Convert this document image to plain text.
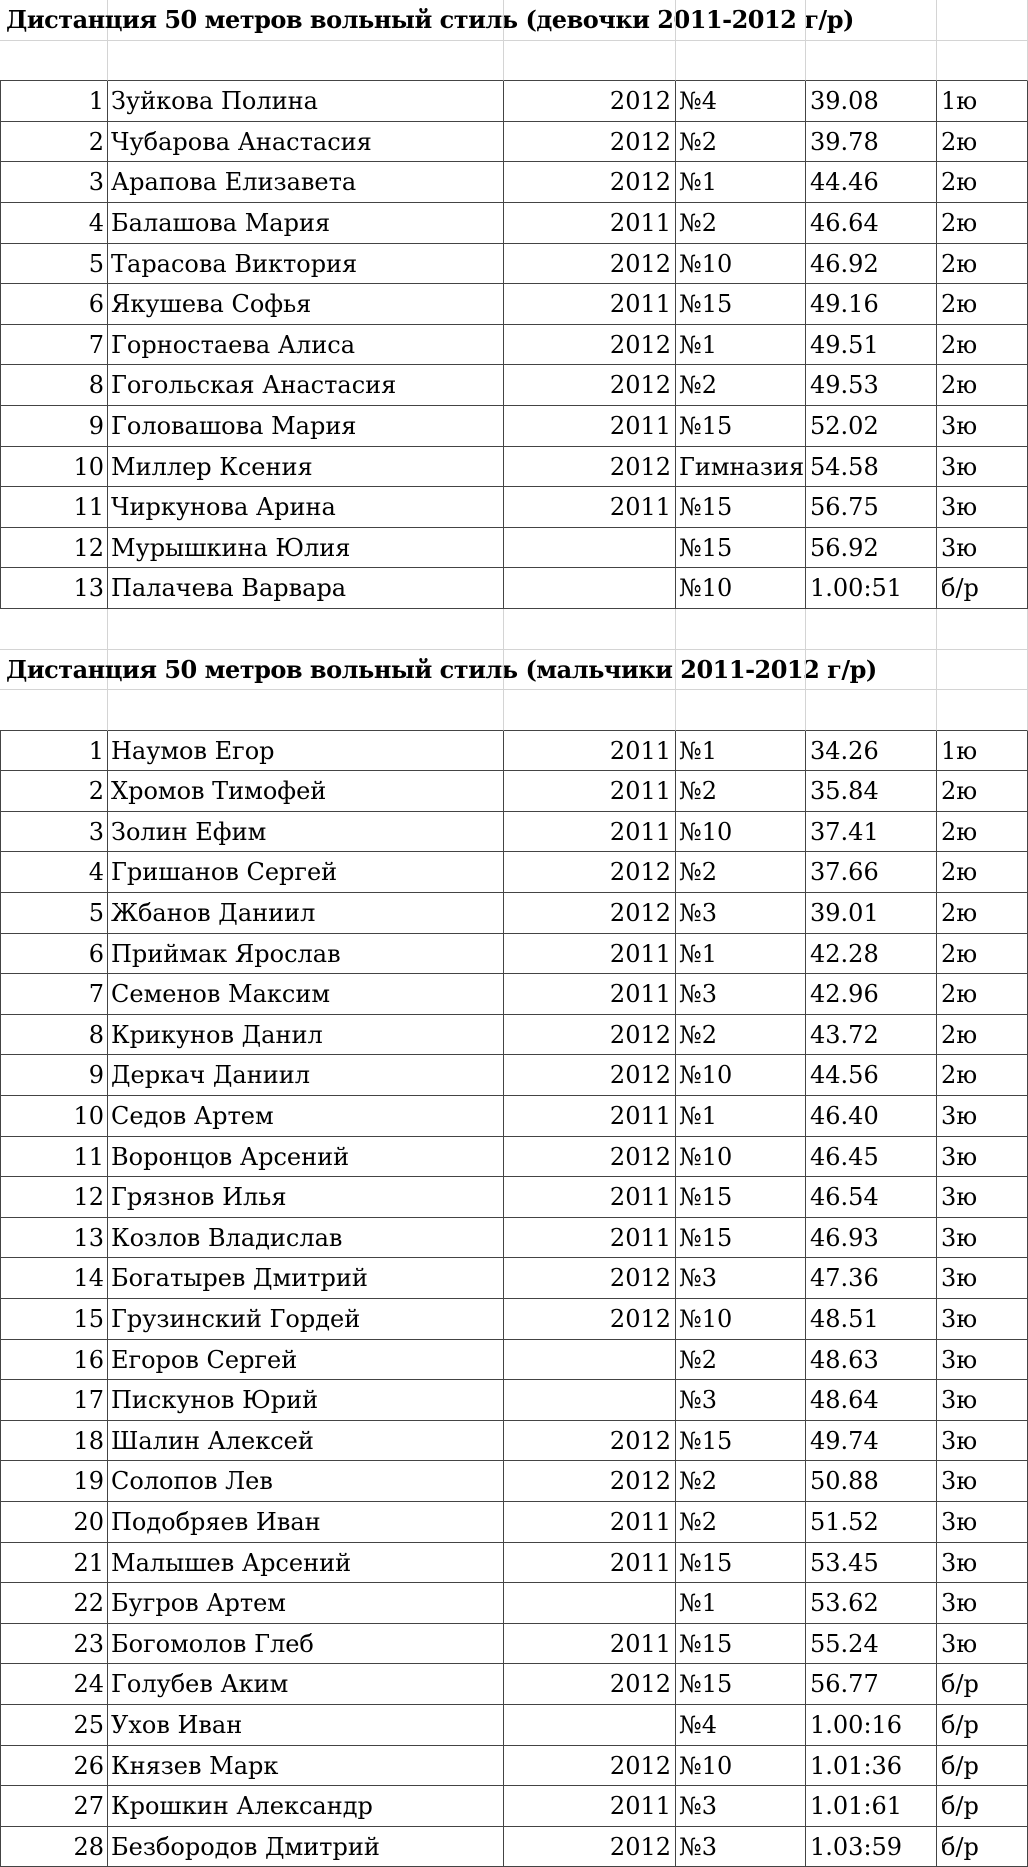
Дистанция 50 метров вольный стиль (девочки 2011-2012 г/р)
1 Зуйкова Полина	2012 №4	39.08	1ю
2 Чубарова Анастасия	2012 №2	39.78	2ю
3 Арапова Елизавета	2012 №1	44.46	2ю
4 Балашова Мария	2011 №2	46.64	2ю
5 Тарасова Виктория	2012 №10	46.92	2ю
6 Якушева Софья	2011 №15	49.16	2ю
7 Горностаева Алиса	2012 №1	49.51	2ю
8 Гогольская Анастасия	2012 №2	49.53	2ю
9 Головашова Мария	2011 №15	52.02	3ю
10 Миллер Ксения	2012 Гимназия 54.58	3ю
11 Чиркунова Арина	2011 №15	56.75	3ю
12 Мурышкина Юлия	№15	56.92	3ю
13 Палачева Варвара	№10	1.00:51	б/р
Дистанция 50 метров вольный стиль (мальчики 2011-2012 г/р)
1 Наумов Егор	2011 №1	34.26	1ю
2 Хромов Тимофей	2011 №2	35.84	2ю
3 Золин Ефим	2011 №10	37.41	2ю
4 Гришанов Сергей	2012 №2	37.66	2ю
5 Жбанов Даниил	2012 №3	39.01	2ю
6 Приймак Ярослав	2011 №1	42.28	2ю
7 Семенов Максим	2011 №3	42.96	2ю
8 Крикунов Данил	2012 №2	43.72	2ю
9 Деркач Даниил	2012 №10	44.56	2ю
10 Седов Артем	2011 №1	46.40	3ю
11 Воронцов Арсений	2012 №10	46.45	3ю
12 Грязнов Илья	2011 №15	46.54	3ю
13 Козлов Владислав	2011 №15	46.93	3ю
14 Богатырев Дмитрий	2012 №3	47.36	3ю
15 Грузинский Гордей	2012 №10	48.51	3ю
16 Егоров Сергей	№2	48.63	3ю
17 Пискунов Юрий	№3	48.64	3ю
18 Шалин Алексей	2012 №15	49.74	3ю
19 Солопов Лев	2012 №2	50.88	3ю
20 Подобряев Иван	2011 №2	51.52	3ю
21 Малышев Арсений	2011 №15	53.45	3ю
22 Бугров Артем	№1	53.62	3ю
23 Богомолов Глеб	2011 №15	55.24	3ю
24 Голубев Аким	2012 №15	56.77	б/р
25 Ухов Иван	№4	1.00:16	б/р
26 Князев Марк	2012 №10	1.01:36	б/р
27 Крошкин Александр	2011 №3	1.01:61	б/р
28 Безбородов Дмитрий	2012 №3	1.03:59	б/р
